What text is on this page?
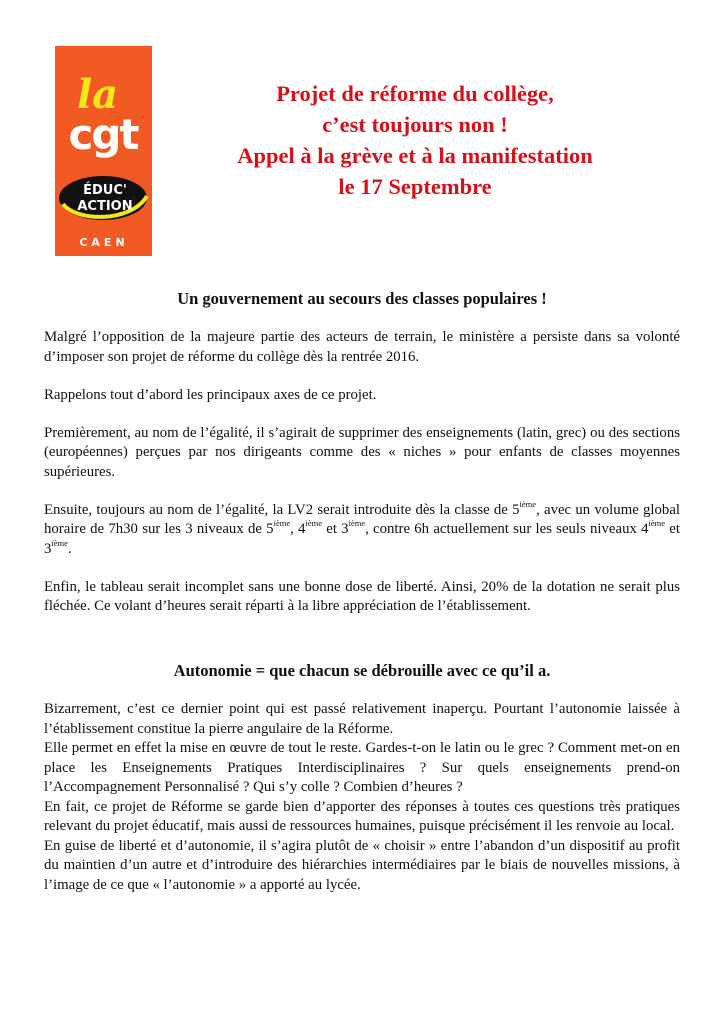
la
cgt
ÉDUC'
ACTION
CAEN
Projet de réforme du collège,
c’est toujours non !
Appel à la grève et à la manifestation
le 17 Septembre
Un gouvernement au secours des classes populaires !

Malgré l’opposition de la majeure partie des acteurs de terrain, le ministère a persiste dans sa volonté d’imposer son projet de réforme du collège dès la rentrée 2016.

Rappelons tout d’abord les principaux axes de ce projet.

Premièrement, au nom de l’égalité, il s’agirait de supprimer des enseignements (latin, grec) ou des sections (européennes) perçues par nos dirigeants comme des « niches » pour enfants de classes moyennes supérieures.

Ensuite, toujours au nom de l’égalité, la LV2 serait introduite dès la classe de 5ième, avec un volume global horaire de 7h30 sur les 3 niveaux de 5ième, 4ième et 3ième, contre 6h actuellement sur les seuls niveaux 4ième et 3ième.

Enfin, le tableau serait incomplet sans une bonne dose de liberté. Ainsi, 20% de la dotation ne serait plus fléchée. Ce volant d’heures serait réparti à la libre appréciation de l’établissement.

Autonomie = que chacun se débrouille avec ce qu’il a.

Bizarrement, c’est ce dernier point qui est passé relativement inaperçu. Pourtant l’autonomie laissée à l’établissement constitue la pierre angulaire de la Réforme.

Elle permet en effet la mise en œuvre de tout le reste. Gardes-t-on le latin ou le grec ? Comment met-on en place les Enseignements Pratiques Interdisciplinaires ? Sur quels enseignements prend-on l’Accompagnement Personnalisé ? Qui s’y colle ? Combien d’heures ?

En fait, ce projet de Réforme se garde bien d’apporter des réponses à toutes ces questions très pratiques relevant du projet éducatif, mais aussi de ressources humaines, puisque précisément il les renvoie au local.

En guise de liberté et d’autonomie, il s’agira plutôt de « choisir » entre l’abandon d’un dispositif au profit du maintien d’un autre et d’introduire des hiérarchies intermédiaires par le biais de nouvelles missions, à l’image de ce que « l’autonomie » a apporté au lycée.
